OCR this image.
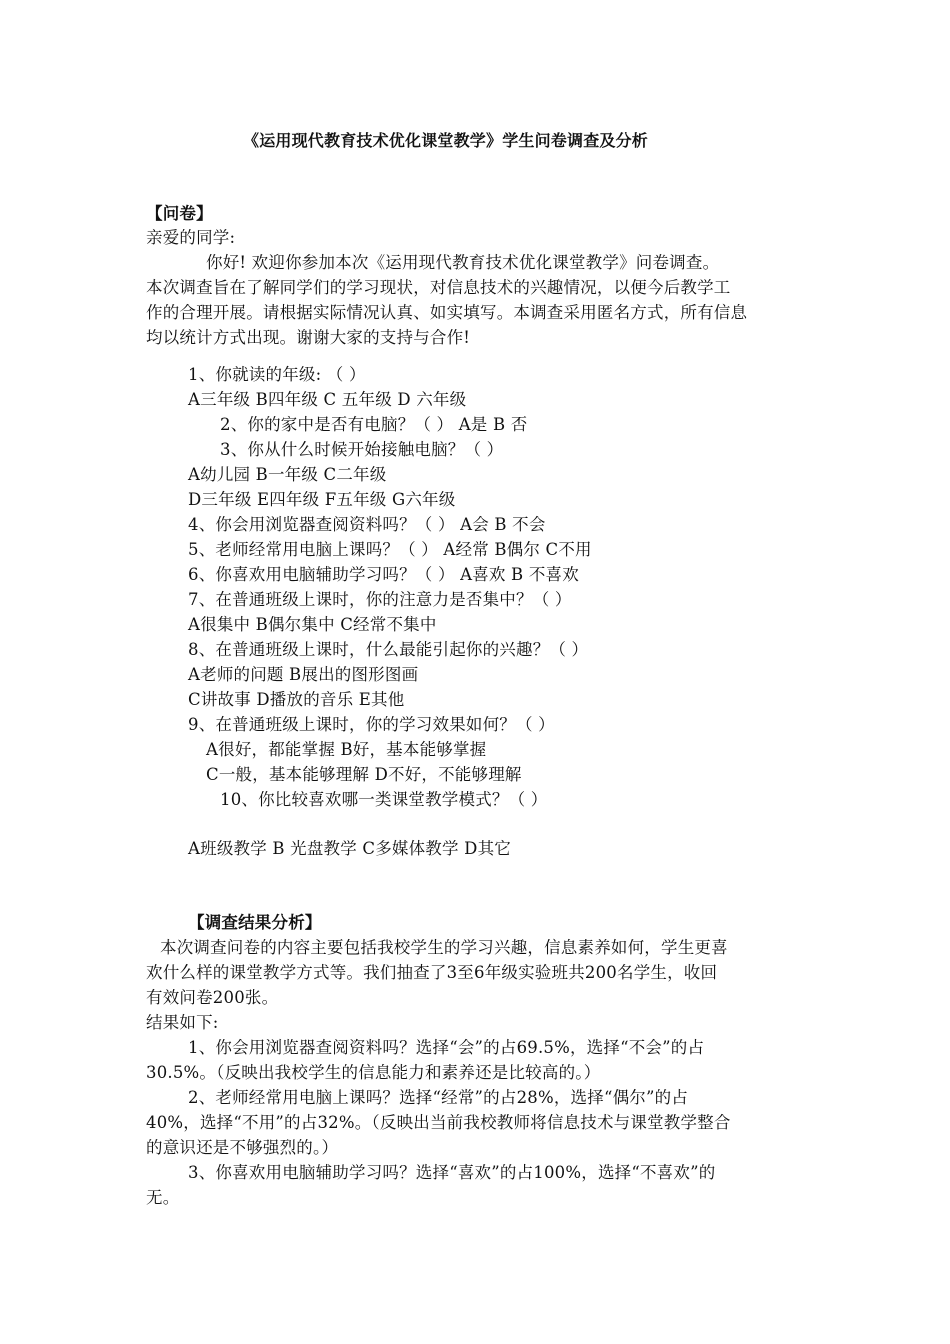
《运用现代教育技术优化课堂教学》学生问卷调查及分析
【问卷】
亲爱的同学:
你好! 欢迎你参加本次《运用现代教育技术优化课堂教学》问卷调查。
本次调查旨在了解同学们的学习现状，对信息技术的兴趣情况，以便今后教学工
作的合理开展。请根据实际情况认真、如实填写。本调查采用匿名方式，所有信息
均以统计方式出现。谢谢大家的支持与合作!
1、你就读的年级: （ ）
A三年级 B四年级 C 五年级 D 六年级
2、你的家中是否有电脑？（ ） A是 B 否
3、你从什么时候开始接触电脑？（ ）
A幼儿园 B一年级 C二年级
D三年级 E四年级 F五年级 G六年级
4、你会用浏览器查阅资料吗？（ ） A会 B 不会
5、老师经常用电脑上课吗？（ ） A经常 B偶尔 C不用
6、你喜欢用电脑辅助学习吗？（ ） A喜欢 B 不喜欢
7、在普通班级上课时，你的注意力是否集中？（ ）
A很集中 B偶尔集中 C经常不集中
8、在普通班级上课时，什么最能引起你的兴趣？（ ）
A老师的问题 B展出的图形图画
C讲故事 D播放的音乐 E其他
9、在普通班级上课时，你的学习效果如何？（ ）
A很好，都能掌握 B好，基本能够掌握
C一般，基本能够理解 D不好，不能够理解
10、你比较喜欢哪一类课堂教学模式？（ ）
A班级教学 B 光盘教学 C多媒体教学 D其它
【调查结果分析】
本次调查问卷的内容主要包括我校学生的学习兴趣，信息素养如何，学生更喜
欢什么样的课堂教学方式等。我们抽查了3至6年级实验班共200名学生，收回
有效问卷200张。
结果如下:
1、你会用浏览器查阅资料吗？选择“会”的占69.5%，选择“不会”的占
30.5%。（反映出我校学生的信息能力和素养还是比较高的。）
2、老师经常用电脑上课吗？选择“经常”的占28%，选择“偶尔”的占
40%，选择“不用”的占32%。（反映出当前我校教师将信息技术与课堂教学整合
的意识还是不够强烈的。）
3、你喜欢用电脑辅助学习吗？选择“喜欢”的占100%，选择“不喜欢”的
无。
